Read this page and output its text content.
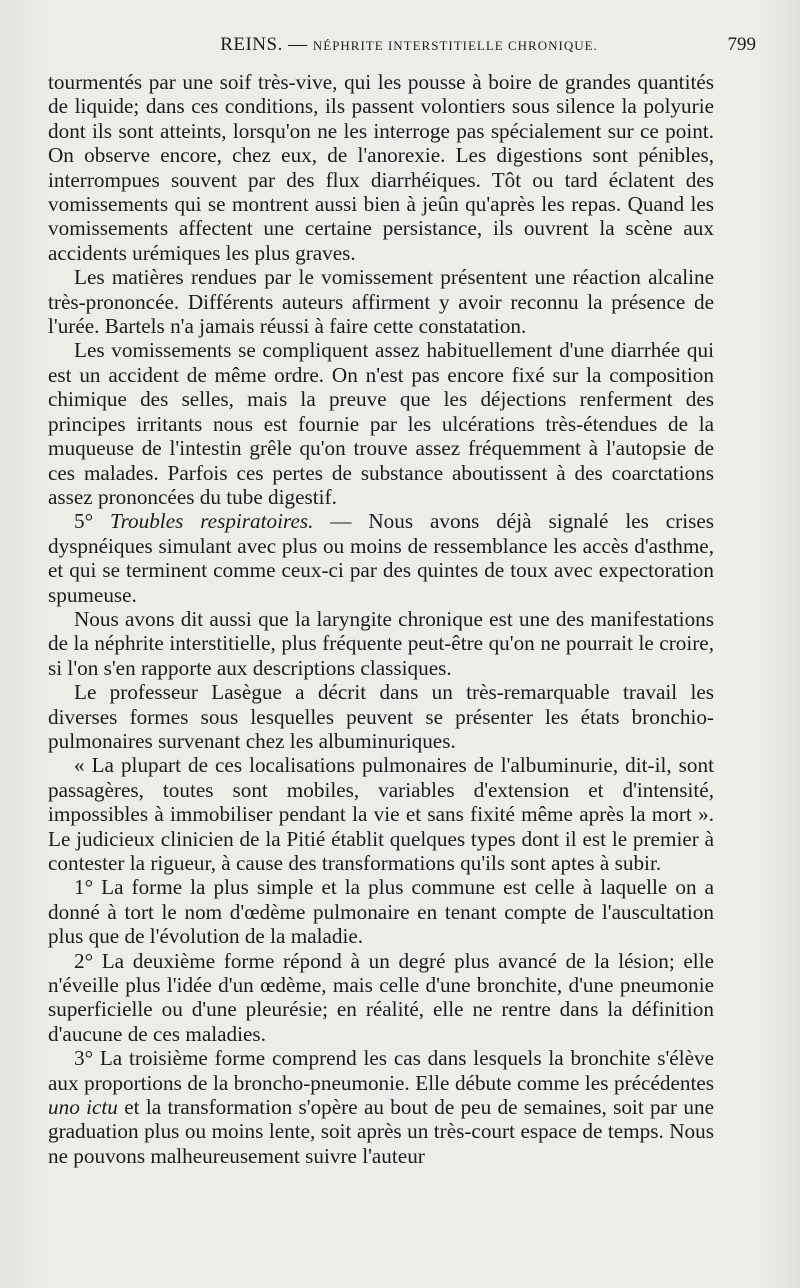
REINS. — NÉPHRITE INTERSTITIELLE CHRONIQUE.	799

tourmentés par une soif très-vive, qui les pousse à boire de grandes quantités de liquide; dans ces conditions, ils passent volontiers sous silence la polyurie dont ils sont atteints, lorsqu'on ne les interroge pas spécialement sur ce point. On observe encore, chez eux, de l'anorexie. Les digestions sont pénibles, interrompues souvent par des flux diarrhéiques. Tôt ou tard éclatent des vomissements qui se montrent aussi bien à jeûn qu'après les repas. Quand les vomissements affectent une certaine persistance, ils ouvrent la scène aux accidents urémiques les plus graves.

Les matières rendues par le vomissement présentent une réaction alcaline très-prononcée. Différents auteurs affirment y avoir reconnu la présence de l'urée. Bartels n'a jamais réussi à faire cette constatation.

Les vomissements se compliquent assez habituellement d'une diarrhée qui est un accident de même ordre. On n'est pas encore fixé sur la composition chimique des selles, mais la preuve que les déjections renferment des principes irritants nous est fournie par les ulcérations très-étendues de la muqueuse de l'intestin grêle qu'on trouve assez fréquemment à l'autopsie de ces malades. Parfois ces pertes de substance aboutissent à des coarctations assez prononcées du tube digestif.

5° Troubles respiratoires. — Nous avons déjà signalé les crises dyspnéiques simulant avec plus ou moins de ressemblance les accès d'asthme, et qui se terminent comme ceux-ci par des quintes de toux avec expectoration spumeuse.

Nous avons dit aussi que la laryngite chronique est une des manifestations de la néphrite interstitielle, plus fréquente peut-être qu'on ne pourrait le croire, si l'on s'en rapporte aux descriptions classiques.

Le professeur Lasègue a décrit dans un très-remarquable travail les diverses formes sous lesquelles peuvent se présenter les états bronchio-pulmonaires survenant chez les albuminuriques.

« La plupart de ces localisations pulmonaires de l'albuminurie, dit-il, sont passagères, toutes sont mobiles, variables d'extension et d'intensité, impossibles à immobiliser pendant la vie et sans fixité même après la mort ». Le judicieux clinicien de la Pitié établit quelques types dont il est le premier à contester la rigueur, à cause des transformations qu'ils sont aptes à subir.

1° La forme la plus simple et la plus commune est celle à laquelle on a donné à tort le nom d'œdème pulmonaire en tenant compte de l'auscultation plus que de l'évolution de la maladie.

2° La deuxième forme répond à un degré plus avancé de la lésion; elle n'éveille plus l'idée d'un œdème, mais celle d'une bronchite, d'une pneumonie superficielle ou d'une pleurésie; en réalité, elle ne rentre dans la définition d'aucune de ces maladies.

3° La troisième forme comprend les cas dans lesquels la bronchite s'élève aux proportions de la broncho-pneumonie. Elle débute comme les précédentes uno ictu et la transformation s'opère au bout de peu de semaines, soit par une graduation plus ou moins lente, soit après un très-court espace de temps. Nous ne pouvons malheureusement suivre l'auteur
